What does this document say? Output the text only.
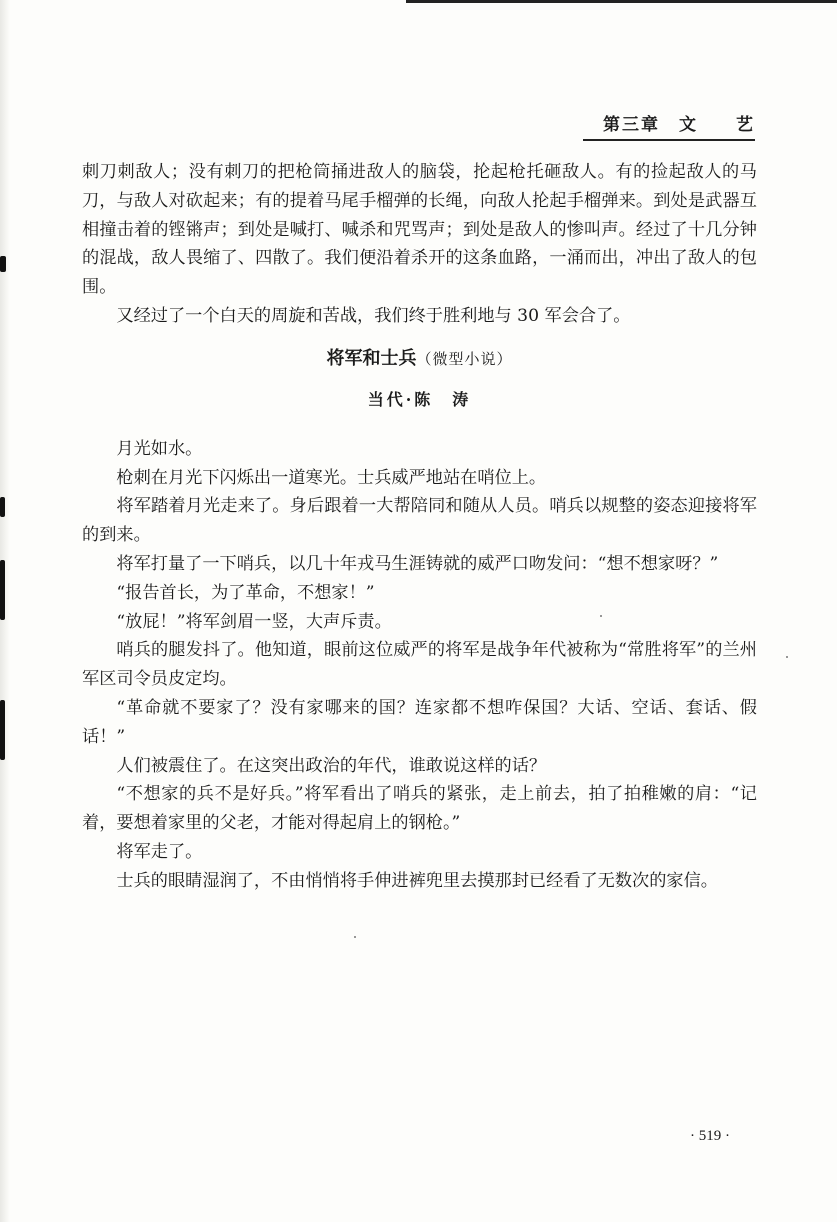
第三章　文　　艺

刺刀刺敌人；没有刺刀的把枪筒捅进敌人的脑袋，抡起枪托砸敌人。有的捡起敌人的马刀，与敌人对砍起来；有的提着马尾手榴弹的长绳，向敌人抡起手榴弹来。到处是武器互相撞击着的铿锵声；到处是喊打、喊杀和咒骂声；到处是敌人的惨叫声。经过了十几分钟的混战，敌人畏缩了、四散了。我们便沿着杀开的这条血路，一涌而出，冲出了敌人的包围。

又经过了一个白天的周旋和苦战，我们终于胜利地与 30 军会合了。

将军和士兵（微型小说）
当代·陈　涛

月光如水。

枪刺在月光下闪烁出一道寒光。士兵威严地站在哨位上。

将军踏着月光走来了。身后跟着一大帮陪同和随从人员。哨兵以规整的姿态迎接将军的到来。

将军打量了一下哨兵，以几十年戎马生涯铸就的威严口吻发问：“想不想家呀？”

“报告首长，为了革命，不想家！”

“放屁！”将军剑眉一竖，大声斥责。

哨兵的腿发抖了。他知道，眼前这位威严的将军是战争年代被称为“常胜将军”的兰州军区司令员皮定均。

“革命就不要家了？没有家哪来的国？连家都不想咋保国？大话、空话、套话、假话！”

人们被震住了。在这突出政治的年代，谁敢说这样的话？

“不想家的兵不是好兵。”将军看出了哨兵的紧张，走上前去，拍了拍稚嫩的肩：“记着，要想着家里的父老，才能对得起肩上的钢枪。”

将军走了。

士兵的眼睛湿润了，不由悄悄将手伸进裤兜里去摸那封已经看了无数次的家信。

· 519 ·
